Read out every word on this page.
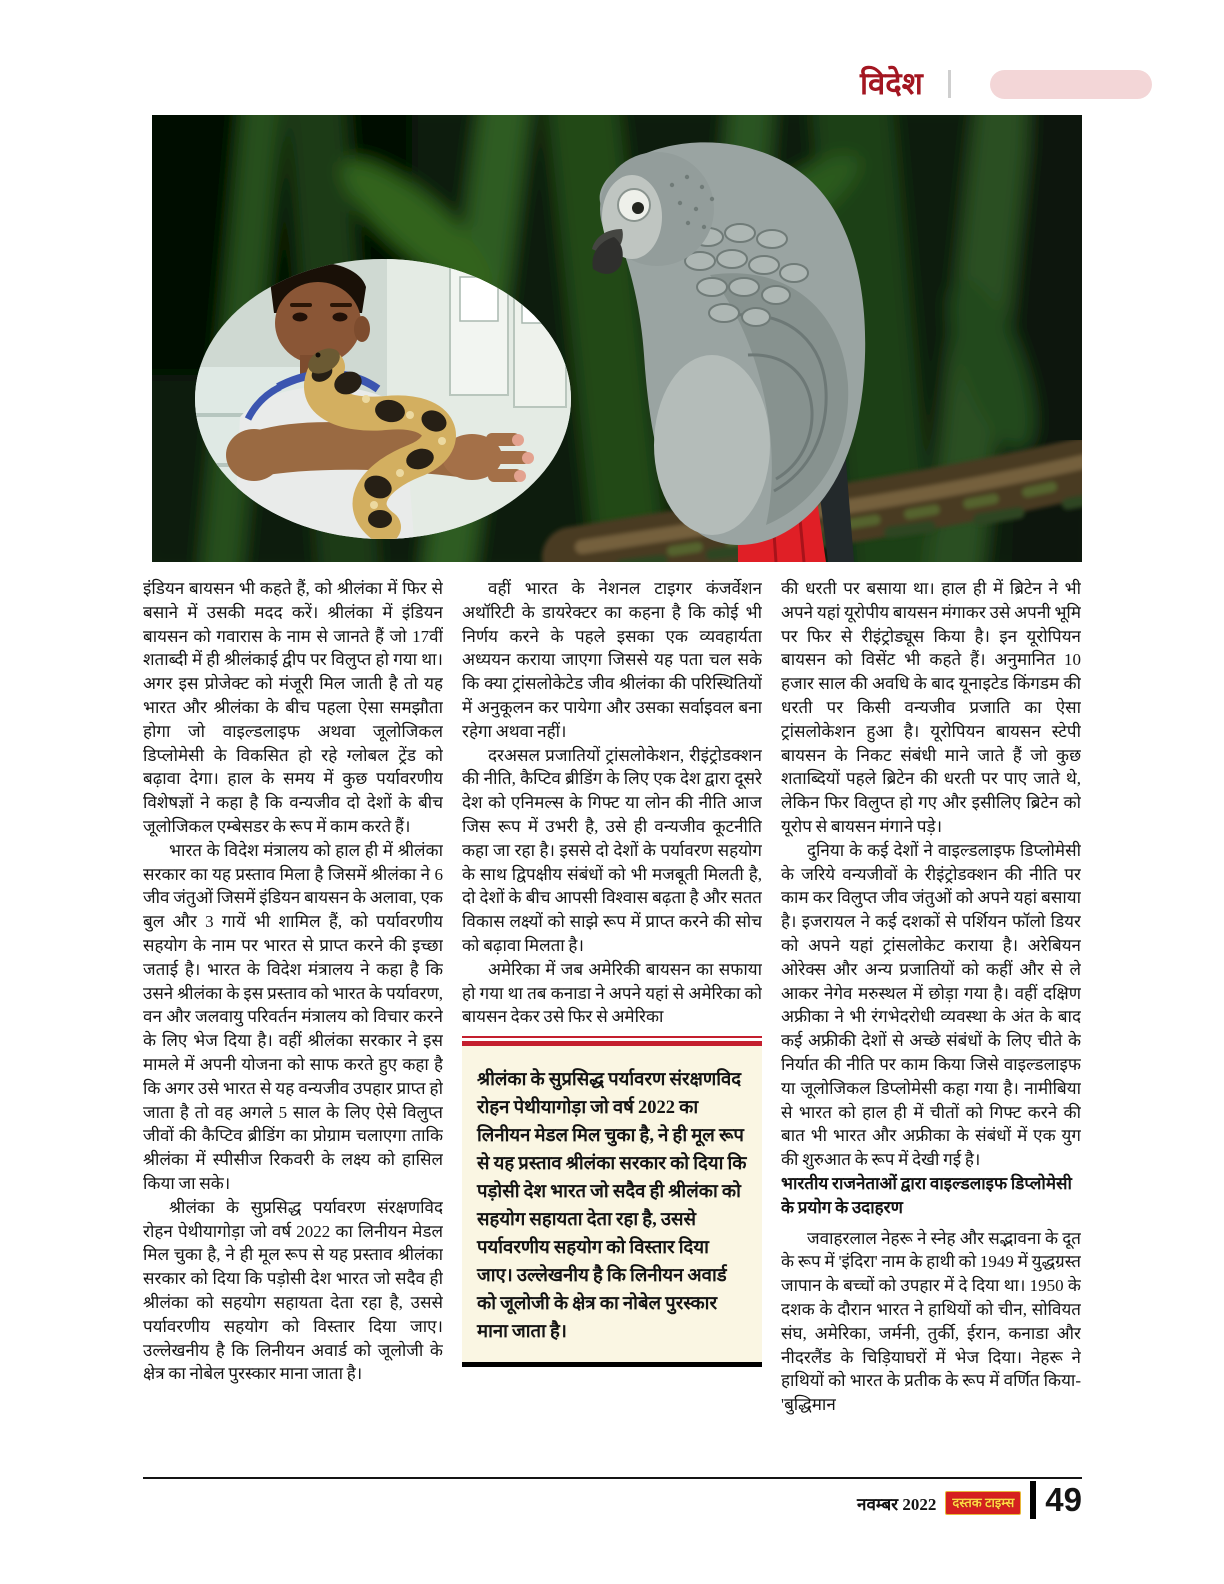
विदेश

इंडियन बायसन भी कहते हैं, को श्रीलंका में फिर से बसाने में उसकी मदद करें। श्रीलंका में इंडियन बायसन को गवारास के नाम से जानते हैं जो 17वीं शताब्दी में ही श्रीलंकाई द्वीप पर विलुप्त हो गया था। अगर इस प्रोजेक्ट को मंजूरी मिल जाती है तो यह भारत और श्रीलंका के बीच पहला ऐसा समझौता होगा जो वाइल्डलाइफ अथवा जूलोजिकल डिप्लोमेसी के विकसित हो रहे ग्लोबल ट्रेंड को बढ़ावा देगा। हाल के समय में कुछ पर्यावरणीय विशेषज्ञों ने कहा है कि वन्यजीव दो देशों के बीच जूलोजिकल एम्बेसडर के रूप में काम करते हैं।

भारत के विदेश मंत्रालय को हाल ही में श्रीलंका सरकार का यह प्रस्ताव मिला है जिसमें श्रीलंका ने 6 जीव जंतुओं जिसमें इंडियन बायसन के अलावा, एक बुल और 3 गायें भी शामिल हैं, को पर्यावरणीय सहयोग के नाम पर भारत से प्राप्त करने की इच्छा जताई है। भारत के विदेश मंत्रालय ने कहा है कि उसने श्रीलंका के इस प्रस्ताव को भारत के पर्यावरण, वन और जलवायु परिवर्तन मंत्रालय को विचार करने के लिए भेज दिया है। वहीं श्रीलंका सरकार ने इस मामले में अपनी योजना को साफ करते हुए कहा है कि अगर उसे भारत से यह वन्यजीव उपहार प्राप्त हो जाता है तो वह अगले 5 साल के लिए ऐसे विलुप्त जीवों की कैप्टिव ब्रीडिंग का प्रोग्राम चलाएगा ताकि श्रीलंका में स्पीसीज रिकवरी के लक्ष्य को हासिल किया जा सके।

श्रीलंका के सुप्रसिद्ध पर्यावरण संरक्षणविद रोहन पेथीयागोड़ा जो वर्ष 2022 का लिनीयन मेडल मिल चुका है, ने ही मूल रूप से यह प्रस्ताव श्रीलंका सरकार को दिया कि पड़ोसी देश भारत जो सदैव ही श्रीलंका को सहयोग सहायता देता रहा है, उससे पर्यावरणीय सहयोग को विस्तार दिया जाए। उल्लेखनीय है कि लिनीयन अवार्ड को जूलोजी के क्षेत्र का नोबेल पुरस्कार माना जाता है।

वहीं भारत के नेशनल टाइगर कंजर्वेशन अथॉरिटी के डायरेक्टर का कहना है कि कोई भी निर्णय करने के पहले इसका एक व्यवहार्यता अध्ययन कराया जाएगा जिससे यह पता चल सके कि क्या ट्रांसलोकेटेड जीव श्रीलंका की परिस्थितियों में अनुकूलन कर पायेगा और उसका सर्वाइवल बना रहेगा अथवा नहीं।

दरअसल प्रजातियों ट्रांसलोकेशन, रीइंट्रोडक्शन की नीति, कैप्टिव ब्रीडिंग के लिए एक देश द्वारा दूसरे देश को एनिमल्स के गिफ्ट या लोन की नीति आज जिस रूप में उभरी है, उसे ही वन्यजीव कूटनीति कहा जा रहा है। इससे दो देशों के पर्यावरण सहयोग के साथ द्विपक्षीय संबंधों को भी मजबूती मिलती है, दो देशों के बीच आपसी विश्वास बढ़ता है और सतत विकास लक्ष्यों को साझे रूप में प्राप्त करने की सोच को बढ़ावा मिलता है।

अमेरिका में जब अमेरिकी बायसन का सफाया हो गया था तब कनाडा ने अपने यहां से अमेरिका को बायसन देकर उसे फिर से अमेरिका

श्रीलंका के सुप्रसिद्ध पर्यावरण संरक्षणविद रोहन पेथीयागोड़ा जो वर्ष 2022 का लिनीयन मेडल मिल चुका है, ने ही मूल रूप से यह प्रस्ताव श्रीलंका सरकार को दिया कि पड़ोसी देश भारत जो सदैव ही श्रीलंका को सहयोग सहायता देता रहा है, उससे पर्यावरणीय सहयोग को विस्तार दिया जाए। उल्लेखनीय है कि लिनीयन अवार्ड को जूलोजी के क्षेत्र का नोबेल पुरस्कार माना जाता है।

की धरती पर बसाया था। हाल ही में ब्रिटेन ने भी अपने यहां यूरोपीय बायसन मंगाकर उसे अपनी भूमि पर फिर से रीइंट्रोड्यूस किया है। इन यूरोपियन बायसन को विसेंट भी कहते हैं। अनुमानित 10 हजार साल की अवधि के बाद यूनाइटेड किंगडम की धरती पर किसी वन्यजीव प्रजाति का ऐसा ट्रांसलोकेशन हुआ है। यूरोपियन बायसन स्टेपी बायसन के निकट संबंधी माने जाते हैं जो कुछ शताब्दियों पहले ब्रिटेन की धरती पर पाए जाते थे, लेकिन फिर विलुप्त हो गए और इसीलिए ब्रिटेन को यूरोप से बायसन मंगाने पड़े।

दुनिया के कई देशों ने वाइल्डलाइफ डिप्लोमेसी के जरिये वन्यजीवों के रीइंट्रोडक्शन की नीति पर काम कर विलुप्त जीव जंतुओं को अपने यहां बसाया है। इजरायल ने कई दशकों से पर्शियन फॉलो डियर को अपने यहां ट्रांसलोकेट कराया है। अरेबियन ओरेक्स और अन्य प्रजातियों को कहीं और से ले आकर नेगेव मरुस्थल में छोड़ा गया है। वहीं दक्षिण अफ्रीका ने भी रंगभेदरोधी व्यवस्था के अंत के बाद कई अफ्रीकी देशों से अच्छे संबंधों के लिए चीते के निर्यात की नीति पर काम किया जिसे वाइल्डलाइफ या जूलोजिकल डिप्लोमेसी कहा गया है। नामीबिया से भारत को हाल ही में चीतों को गिफ्ट करने की बात भी भारत और अफ्रीका के संबंधों में एक युग की शुरुआत के रूप में देखी गई है।

भारतीय राजनेताओं द्वारा वाइल्डलाइफ डिप्लोमेसी के प्रयोग के उदाहरण

जवाहरलाल नेहरू ने स्नेह और सद्भावना के दूत के रूप में 'इंदिरा' नाम के हाथी को 1949 में युद्धग्रस्त जापान के बच्चों को उपहार में दे दिया था। 1950 के दशक के दौरान भारत ने हाथियों को चीन, सोवियत संघ, अमेरिका, जर्मनी, तुर्की, ईरान, कनाडा और नीदरलैंड के चिड़ियाघरों में भेज दिया। नेहरू ने हाथियों को भारत के प्रतीक के रूप में वर्णित किया- 'बुद्धिमान

नवम्बर 2022	दस्तक टाइम्स 49
